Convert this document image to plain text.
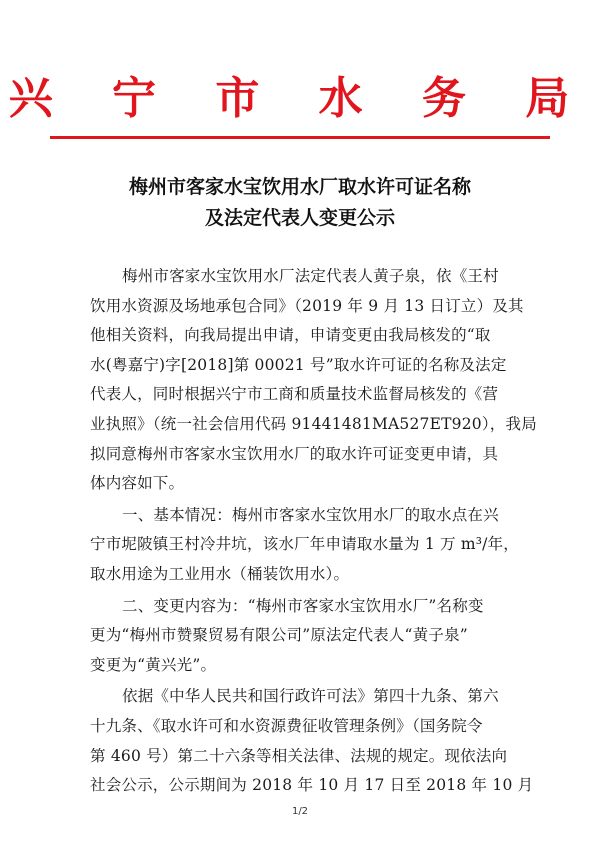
兴 宁 市 水 务 局
梅州市客家水宝饮用水厂取水许可证名称
及法定代表人变更公示
梅州市客家水宝饮用水厂法定代表人黄子泉，依《王村
饮用水资源及场地承包合同》（2019 年 9 月 13 日订立）及其
他相关资料，向我局提出申请，申请变更由我局核发的“取
水(粤嘉宁)字[2018]第 00021 号”取水许可证的名称及法定
代表人，同时根据兴宁市工商和质量技术监督局核发的《营
业执照》（统一社会信用代码 91441481MA527ET920），我局
拟同意梅州市客家水宝饮用水厂的取水许可证变更申请，具
体内容如下。
一、基本情况：梅州市客家水宝饮用水厂的取水点在兴
宁市坭陂镇王村冷井坑，该水厂年申请取水量为 1 万 m³/年，
取水用途为工业用水（桶装饮用水）。
二、变更内容为：“梅州市客家水宝饮用水厂”名称变
更为“梅州市赞聚贸易有限公司”原法定代表人“黄子泉”
变更为“黄兴光”。
依据《中华人民共和国行政许可法》第四十九条、第六
十九条、《取水许可和水资源费征收管理条例》（国务院令
第 460 号）第二十六条等相关法律、法规的规定。现依法向
社会公示，公示期间为 2018 年 10 月 17 日至 2018 年 10 月
1/2
